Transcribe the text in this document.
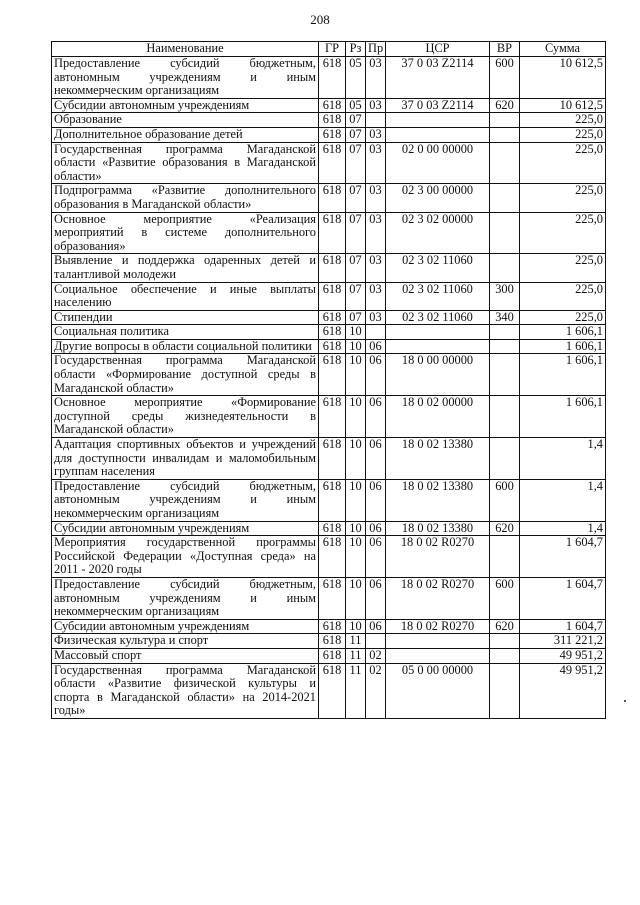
208
Наименование	ГР	Рз	Пр	ЦСР	ВР	Сумма
Предоставление субсидий бюджетным, автономным учреждениям и иным некоммерческим организациям	618	05	03	37 0 03 Z2114	600	10 612,5
Субсидии автономным учреждениям	618	05	03	37 0 03 Z2114	620	10 612,5
Образование	618	07				225,0
Дополнительное образование детей	618	07	03			225,0
Государственная программа Магаданской области «Развитие образования в Магаданской области»	618	07	03	02 0 00 00000		225,0
Подпрограмма «Развитие дополнительного образования в Магаданской области»	618	07	03	02 3 00 00000		225,0
Основное мероприятие «Реализация мероприятий в системе дополнительного образования»	618	07	03	02 3 02 00000		225,0
Выявление и поддержка одаренных детей и талантливой молодежи	618	07	03	02 3 02 11060		225,0
Социальное обеспечение и иные выплаты населению	618	07	03	02 3 02 11060	300	225,0
Стипендии	618	07	03	02 3 02 11060	340	225,0
Социальная политика	618	10				1 606,1
Другие вопросы в области социальной политики	618	10	06			1 606,1
Государственная программа Магаданской области «Формирование доступной среды в Магаданской области»	618	10	06	18 0 00 00000		1 606,1
Основное мероприятие «Формирование доступной среды жизнедеятельности в Магаданской области»	618	10	06	18 0 02 00000		1 606,1
Адаптация спортивных объектов и учреждений для доступности инвалидам и маломобильным группам населения	618	10	06	18 0 02 13380		1,4
Предоставление субсидий бюджетным, автономным учреждениям и иным некоммерческим организациям	618	10	06	18 0 02 13380	600	1,4
Субсидии автономным учреждениям	618	10	06	18 0 02 13380	620	1,4
Мероприятия государственной программы Российской Федерации «Доступная среда» на 2011 - 2020 годы	618	10	06	18 0 02 R0270		1 604,7
Предоставление субсидий бюджетным, автономным учреждениям и иным некоммерческим организациям	618	10	06	18 0 02 R0270	600	1 604,7
Субсидии автономным учреждениям	618	10	06	18 0 02 R0270	620	1 604,7
Физическая культура и спорт	618	11				311 221,2
Массовый спорт	618	11	02			49 951,2
Государственная программа Магаданской области «Развитие физической культуры и спорта в Магаданской области» на 2014-2021 годы»	618	11	02	05 0 00 00000		49 951,2
